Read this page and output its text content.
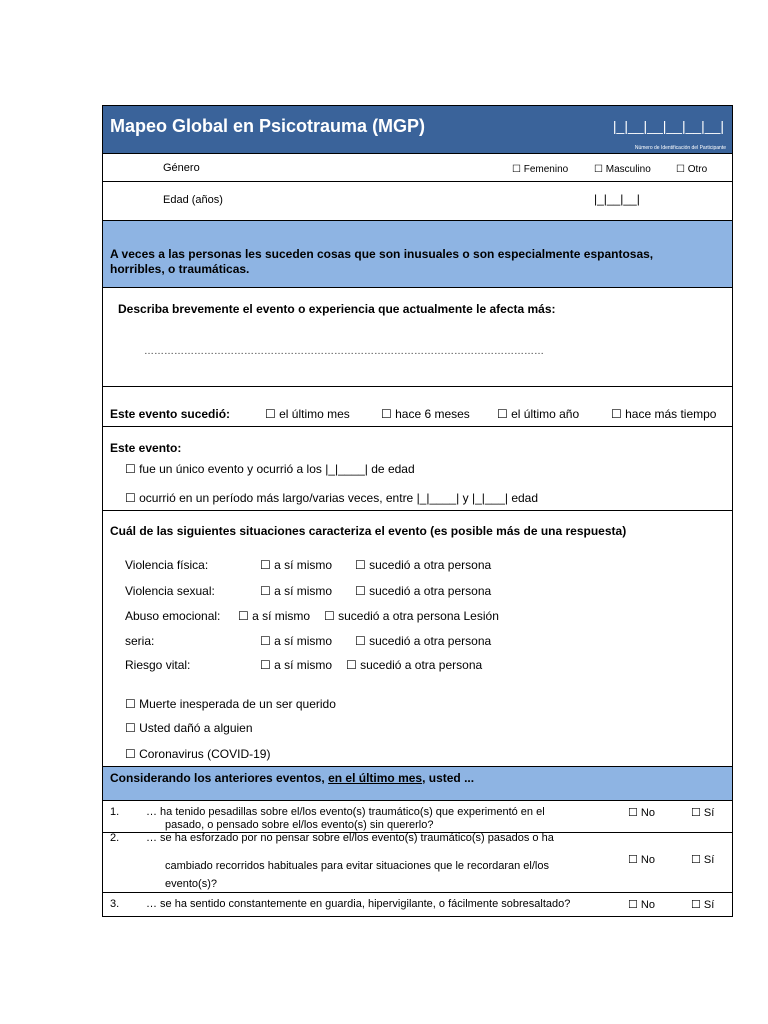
Mapeo Global en Psicotrauma (MGP)	|_|__|__|__|__|__|
Número de Identificación del Participante
Género	☐ Femenino	☐ Masculino	☐ Otro
Edad (años)	|_|__|__|
A veces a las personas les suceden cosas que son inusuales o son especialmente espantosas,
horribles, o traumáticas.
Describa brevemente el evento o experiencia que actualmente le afecta más:
…………………………………………………………………………………………………………
Este evento sucedió:	☐ el último mes	☐ hace 6 meses ☐ el último año	☐ hace más tiempo
Este evento:
☐ fue un único evento y ocurrió a los |_|____| de edad
☐ ocurrió en un período más largo/varias veces, entre |_|____| y |_|___| edad
Cuál de las siguientes situaciones caracteriza el evento (es posible más de una respuesta)
Violencia física:	☐ a sí mismo ☐ sucedió a otra persona
Violencia sexual:	☐ a sí mismo ☐ sucedió a otra persona
Abuso emocional: ☐ a sí mismo ☐ sucedió a otra persona Lesión
seria:	☐ a sí mismo ☐ sucedió a otra persona
Riesgo vital:	☐ a sí mismo ☐ sucedió a otra persona
☐ Muerte inesperada de un ser querido
☐ Usted dañó a alguien
☐ Coronavirus (COVID-19)
Considerando los anteriores eventos, en el último mes, usted ...
1. … ha tenido pesadillas sobre el/los evento(s) traumático(s) que experimentó en el
pasado, o pensado sobre el/los evento(s) sin quererlo?
☐ No	☐ Sí
2. … se ha esforzado por no pensar sobre el/los evento(s) traumático(s) pasados o ha
cambiado recorridos habituales para evitar situaciones que le recordaran el/los
evento(s)?
☐ No	☐ Sí
3. … se ha sentido constantemente en guardia, hipervigilante, o fácilmente sobresaltado?	☐ No	☐ Sí
